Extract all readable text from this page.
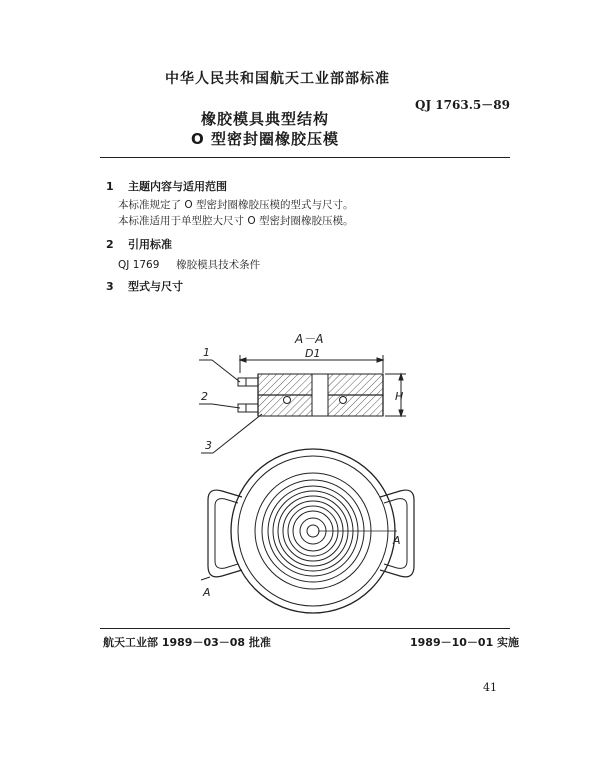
中华人民共和国航天工业部部标准
QJ 1763.5－89
橡胶模具典型结构
O 型密封圈橡胶压模
1 主题内容与适用范围
本标准规定了 O 型密封圈橡胶压模的型式与尺寸。
本标准适用于单型腔大尺寸 O 型密封圈橡胶压模。
2 引用标准
QJ 1769 橡胶模具技术条件
3 型式与尺寸
A－A
D1
H
1
2
3
A
A
航天工业部 1989－03－08 批准	1989－10－01 实施
41
